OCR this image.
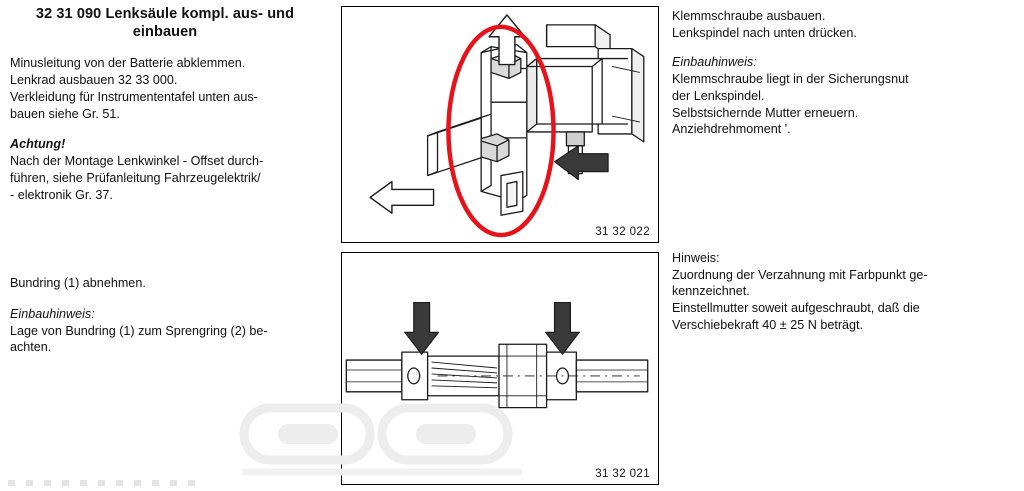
32 31 090 Lenksäule kompl. aus- und einbauen

Minusleitung von der Batterie abklemmen.
Lenkrad ausbauen 32 33 000.
Verkleidung für Instrumententafel unten aus-
bauen siehe Gr. 51.

Achtung!
Nach der Montage Lenkwinkel - Offset durch-
führen, siehe Prüfanleitung Fahrzeugelektrik/
- elektronik Gr. 37.

Bundring (1) abnehmen.

Einbauhinweis:
Lage von Bundring (1) zum Sprengring (2) be-
achten.

Klemmschraube ausbauen.
Lenkspindel nach unten drücken.

Einbauhinweis:
Klemmschraube liegt in der Sicherungsnut
der Lenkspindel.
Selbstsichernde Mutter erneuern.
Anziehdrehmoment '.

Hinweis:
Zuordnung der Verzahnung mit Farbpunkt ge-
kennzeichnet.
Einstellmutter soweit aufgeschraubt, daß die
Verschiebekraft 40 ± 25 N beträgt.

31 32 022
31 32 021
